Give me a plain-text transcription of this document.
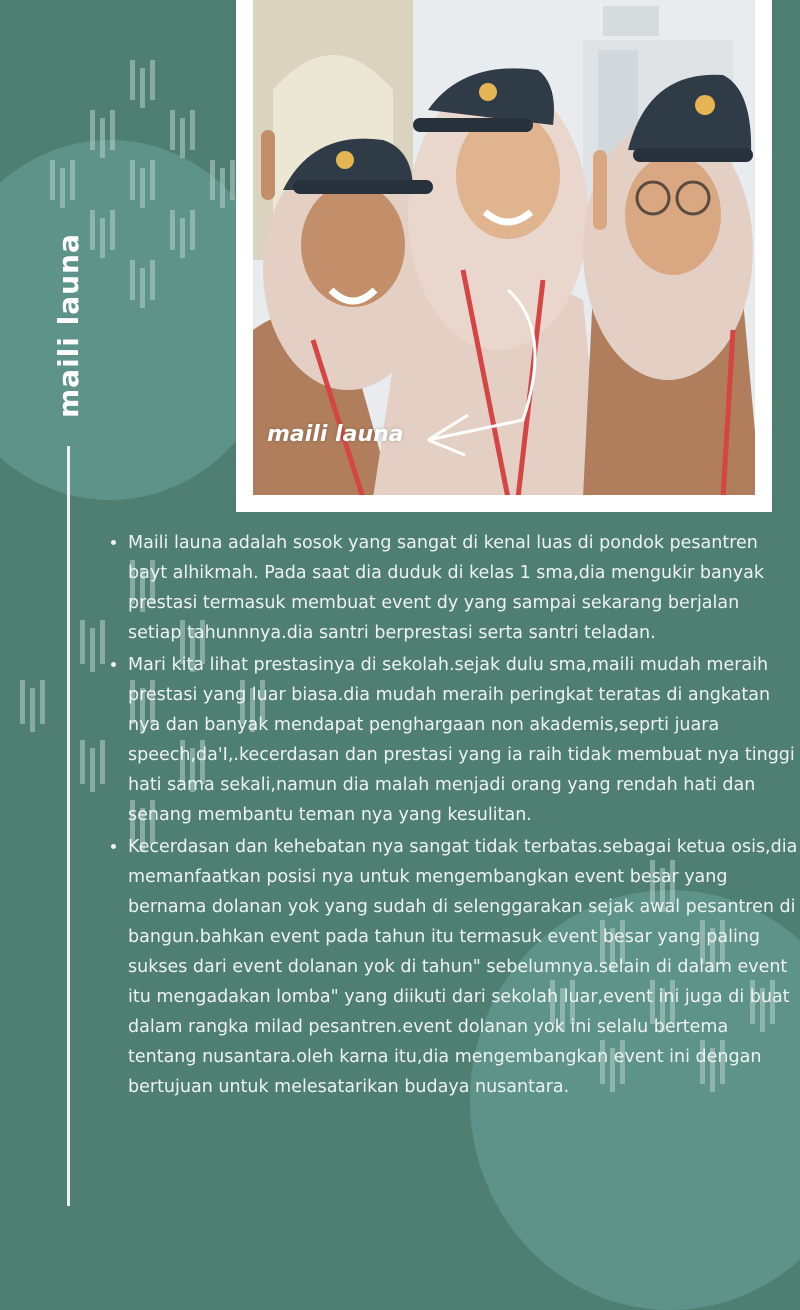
maili launa
maili launa
• Maili launa adalah sosok yang sangat di kenal luas di pondok pesantren bayt alhikmah. Pada saat dia duduk di kelas 1 sma,dia mengukir banyak prestasi termasuk membuat event dy yang sampai sekarang berjalan setiap tahunnnya.dia santri berprestasi serta santri teladan.
• Mari kita lihat prestasinya di sekolah.sejak dulu sma,maili mudah meraih prestasi yang luar biasa.dia mudah meraih peringkat teratas di angkatan nya dan banyak mendapat penghargaan non akademis,seprti juara speech,da'I,.kecerdasan dan prestasi yang ia raih tidak membuat nya tinggi hati sama sekali,namun dia malah menjadi orang yang rendah hati dan senang membantu teman nya yang kesulitan.
• Kecerdasan dan kehebatan nya sangat tidak terbatas.sebagai ketua osis,dia memanfaatkan posisi nya untuk mengembangkan event besar yang bernama dolanan yok yang sudah di selenggarakan sejak awal pesantren di bangun.bahkan event pada tahun itu termasuk event besar yang paling sukses dari event dolanan yok di tahun" sebelumnya.selain di dalam event itu mengadakan lomba" yang diikuti dari sekolah luar,event ini juga di buat dalam rangka milad pesantren.event dolanan yok ini selalu bertema tentang nusantara.oleh karna itu,dia mengembangkan event ini dengan bertujuan untuk melesatarikan budaya nusantara.
